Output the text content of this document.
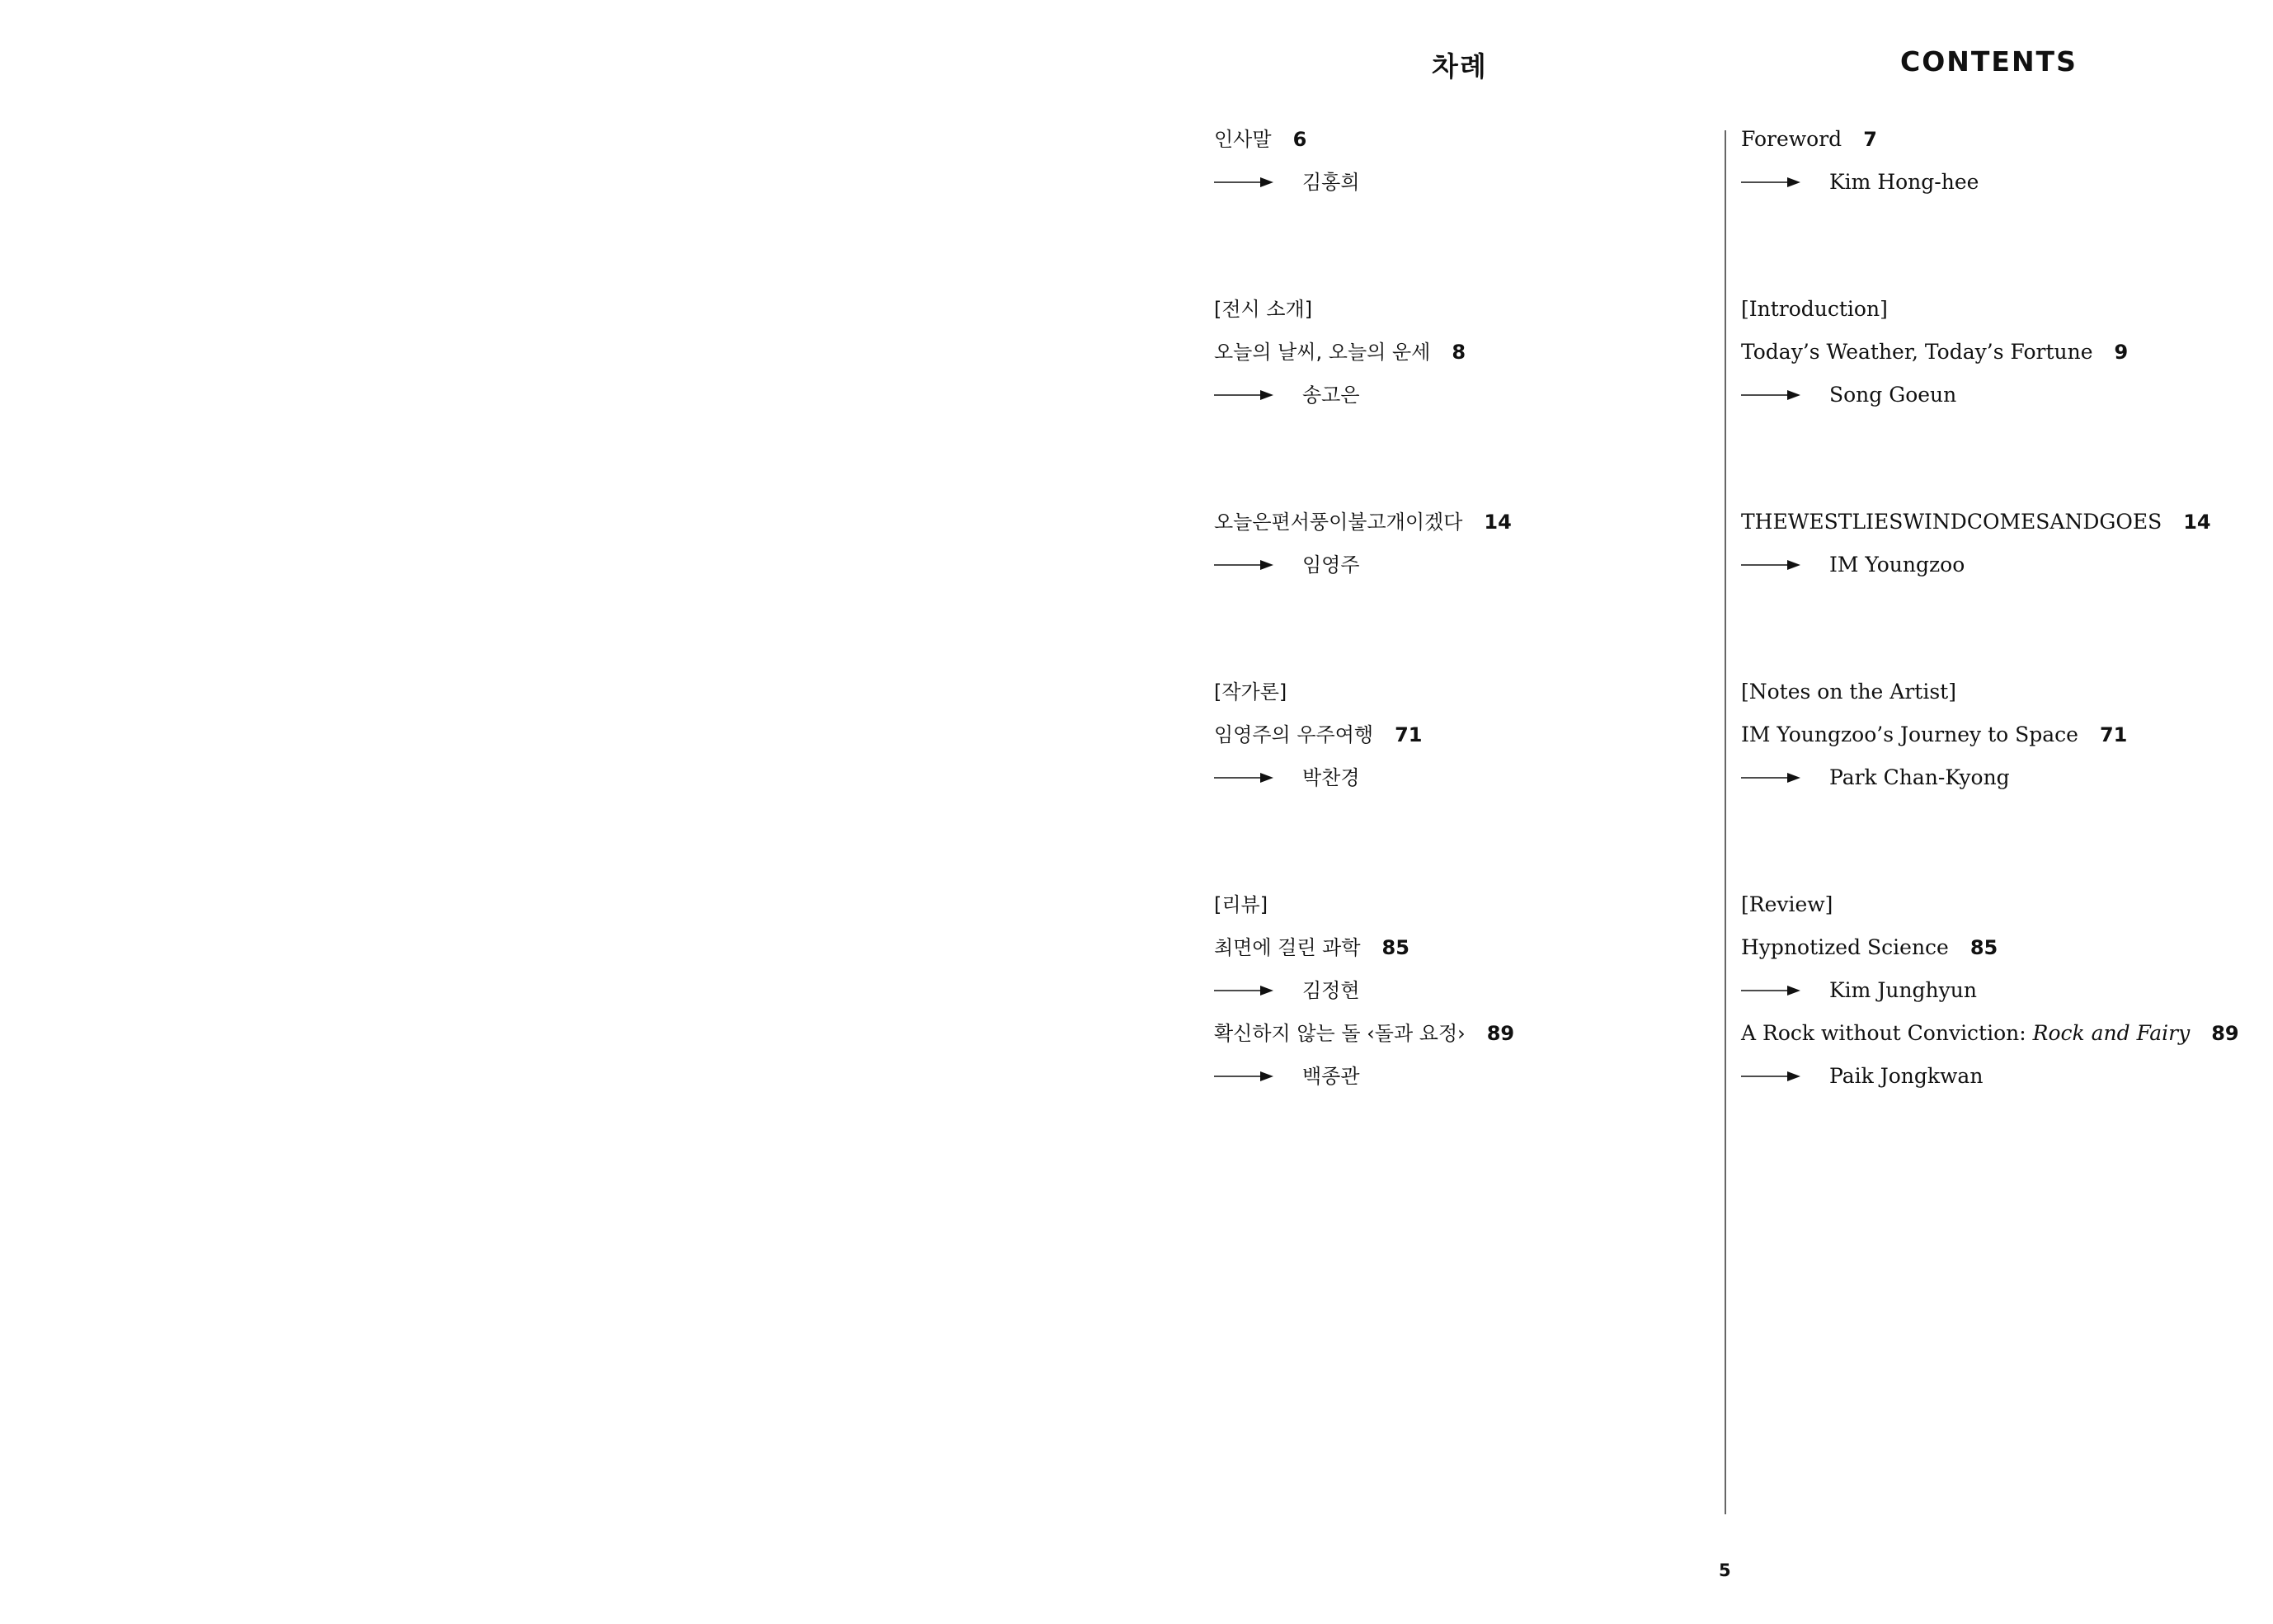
차례	CONTENTS
인사말 6
김홍희
[전시 소개]
오늘의 날씨, 오늘의 운세 8
송고은
오늘은편서풍이불고개이겠다 14
임영주
[작가론]
임영주의 우주여행 71
박찬경
[리뷰]
최면에 걸린 과학 85
김정현
확신하지 않는 돌 ‹돌과 요정› 89
백종관
Foreword 7
Kim Hong-hee
[Introduction]
Today’s Weather, Today’s Fortune 9
Song Goeun
THEWESTLIESWINDCOMESANDGOES 14
IM Youngzoo
[Notes on the Artist]
IM Youngzoo’s Journey to Space 71
Park Chan-Kyong
[Review]
Hypnotized Science 85
Kim Junghyun
A Rock without Conviction: Rock and Fairy 89
Paik Jongkwan
5
